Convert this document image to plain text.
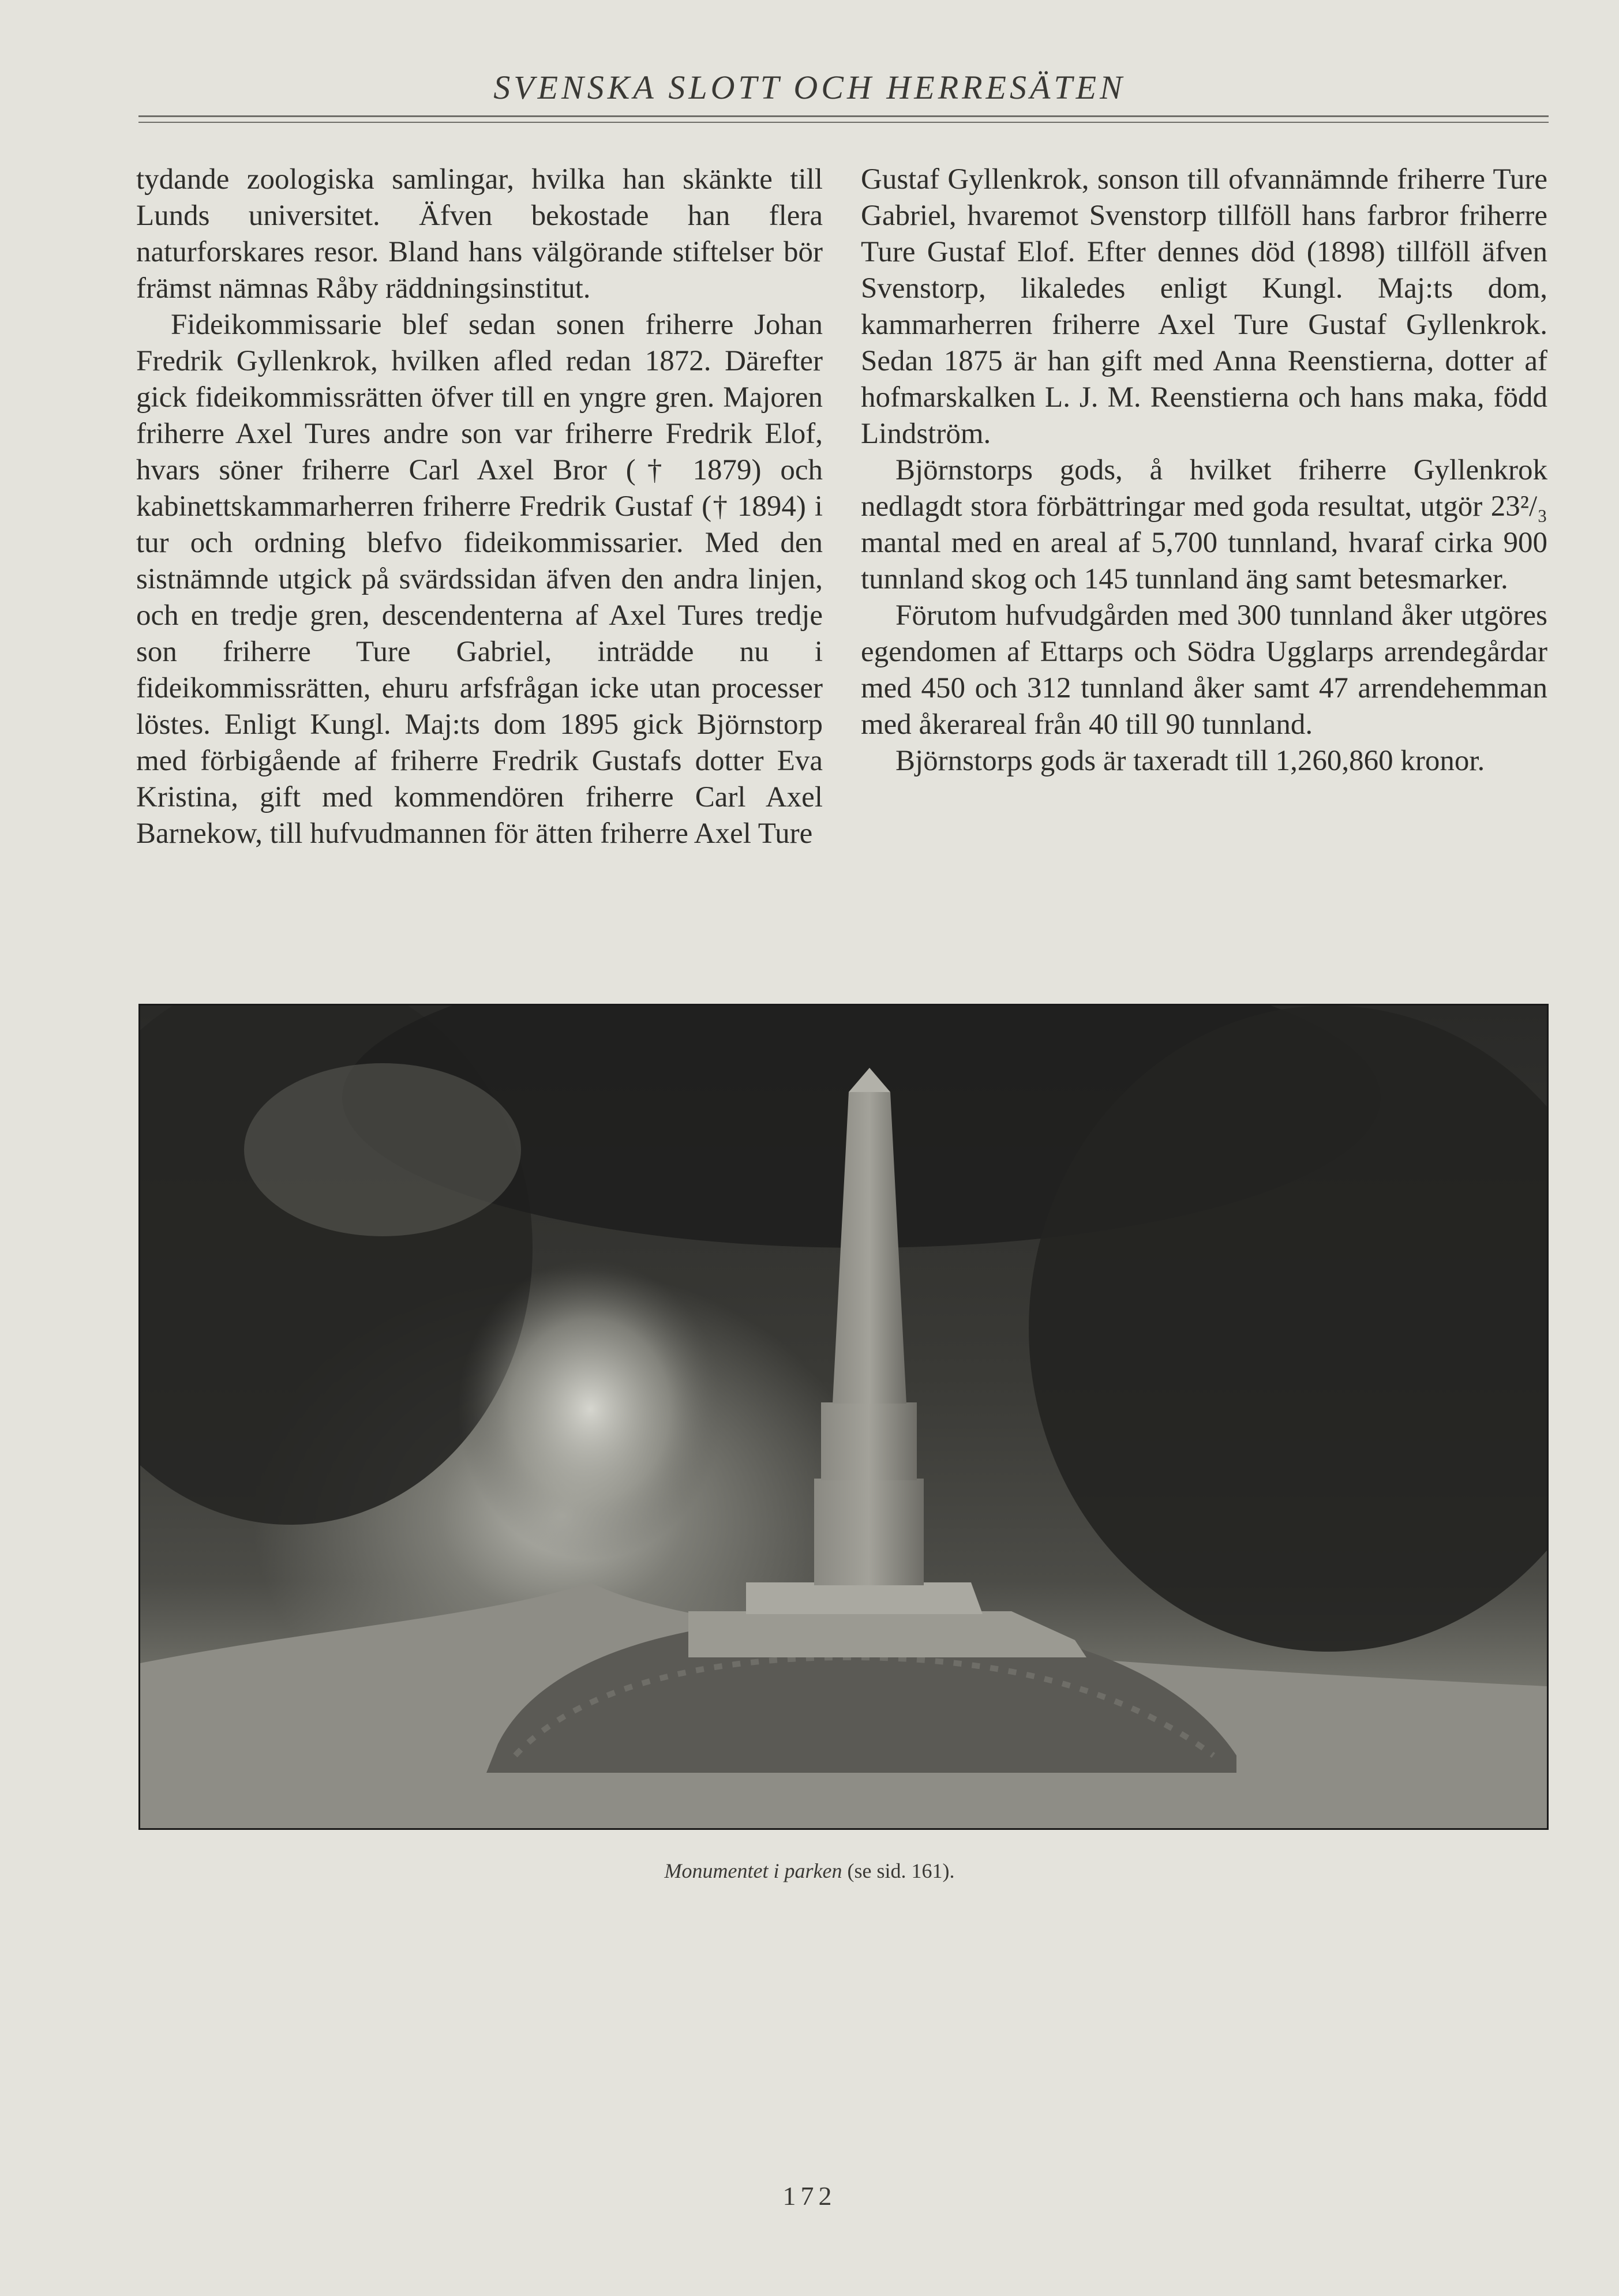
SVENSKA SLOTT OCH HERRESÄTEN

tydande zoologiska samlingar, hvilka han skänkte till Lunds universitet. Äfven bekostade han flera naturforskares resor. Bland hans välgörande stiftelser bör främst nämnas Råby räddningsinstitut.

Fideikommissarie blef sedan sonen friherre Johan Fredrik Gyllenkrok, hvilken afled redan 1872. Därefter gick fideikommissrätten öfver till en yngre gren. Majoren friherre Axel Tures andre son var friherre Fredrik Elof, hvars söner friherre Carl Axel Bror († 1879) och kabinettskammarherren friherre Fredrik Gustaf († 1894) i tur och ordning blefvo fideikommissarier. Med den sistnämnde utgick på svärdssidan äfven den andra linjen, och en tredje gren, descendenterna af Axel Tures tredje son friherre Ture Gabriel, inträdde nu i fideikommissrätten, ehuru arfsfrågan icke utan processer löstes. Enligt Kungl. Maj:ts dom 1895 gick Björnstorp med förbigående af friherre Fredrik Gustafs dotter Eva Kristina, gift med kommendören friherre Carl Axel Barnekow, till hufvudmannen för ätten friherre Axel Ture

Gustaf Gyllenkrok, sonson till ofvannämnde friherre Ture Gabriel, hvaremot Svenstorp tillföll hans farbror friherre Ture Gustaf Elof. Efter dennes död (1898) tillföll äfven Svenstorp, likaledes enligt Kungl. Maj:ts dom, kammarherren friherre Axel Ture Gustaf Gyllenkrok. Sedan 1875 är han gift med Anna Reenstierna, dotter af hofmarskalken L. J. M. Reenstierna och hans maka, född Lindström.

Björnstorps gods, å hvilket friherre Gyllenkrok nedlagdt stora förbättringar med goda resultat, utgör 23²/₃ mantal med en areal af 5,700 tunnland, hvaraf cirka 900 tunnland skog och 145 tunnland äng samt betesmarker.

Förutom hufvudgården med 300 tunnland åker utgöres egendomen af Ettarps och Södra Ugglarps arrendegårdar med 450 och 312 tunnland åker samt 47 arrendehemman med åkerareal från 40 till 90 tunnland.

Björnstorps gods är taxeradt till 1,260,860 kronor.

Monumentet i parken (se sid. 161).
172
